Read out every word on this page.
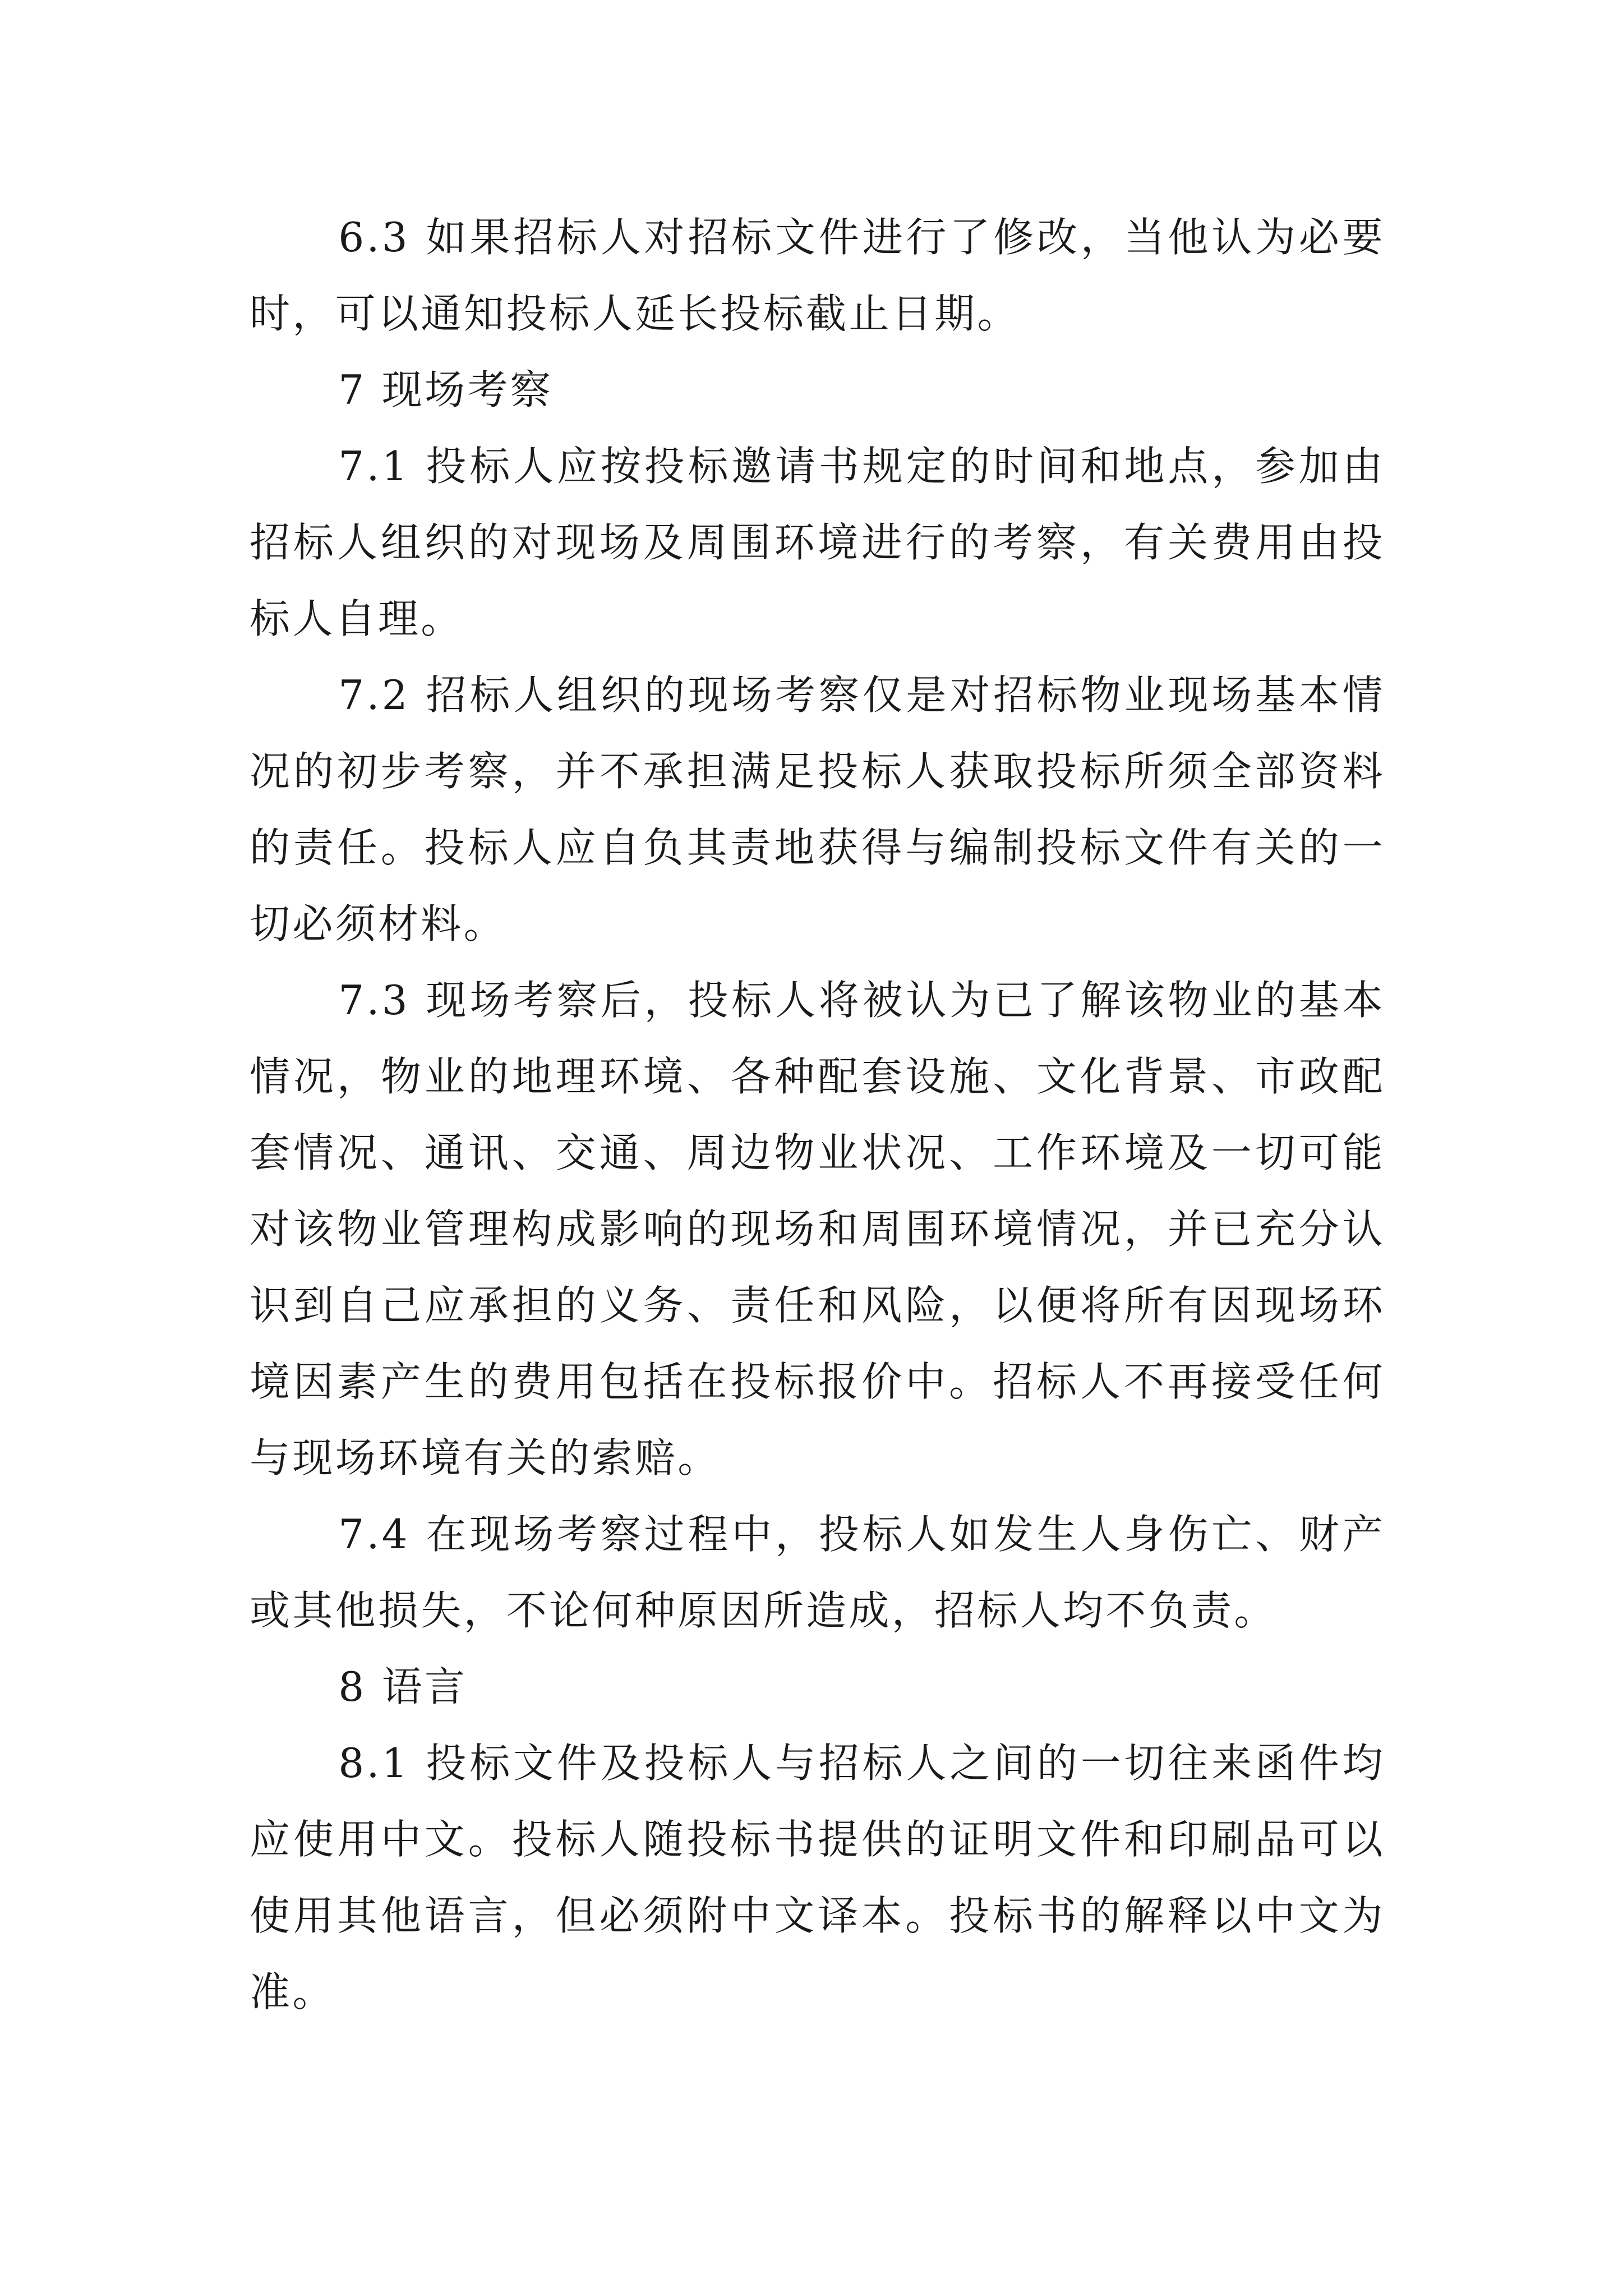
6.3 如果招标人对招标文件进行了修改，当他认为必要时，可以通知投标人延长投标截止日期。

7 现场考察

7.1 投标人应按投标邀请书规定的时间和地点，参加由招标人组织的对现场及周围环境进行的考察，有关费用由投标人自理。

7.2 招标人组织的现场考察仅是对招标物业现场基本情况的初步考察，并不承担满足投标人获取投标所须全部资料的责任。投标人应自负其责地获得与编制投标文件有关的一切必须材料。

7.3 现场考察后，投标人将被认为已了解该物业的基本情况，物业的地理环境、各种配套设施、文化背景、市政配套情况、通讯、交通、周边物业状况、工作环境及一切可能对该物业管理构成影响的现场和周围环境情况，并已充分认识到自己应承担的义务、责任和风险，以便将所有因现场环境因素产生的费用包括在投标报价中。招标人不再接受任何与现场环境有关的索赔。

7.4 在现场考察过程中，投标人如发生人身伤亡、财产或其他损失，不论何种原因所造成，招标人均不负责。

8 语言

8.1 投标文件及投标人与招标人之间的一切往来函件均应使用中文。投标人随投标书提供的证明文件和印刷品可以使用其他语言，但必须附中文译本。投标书的解释以中文为准。
